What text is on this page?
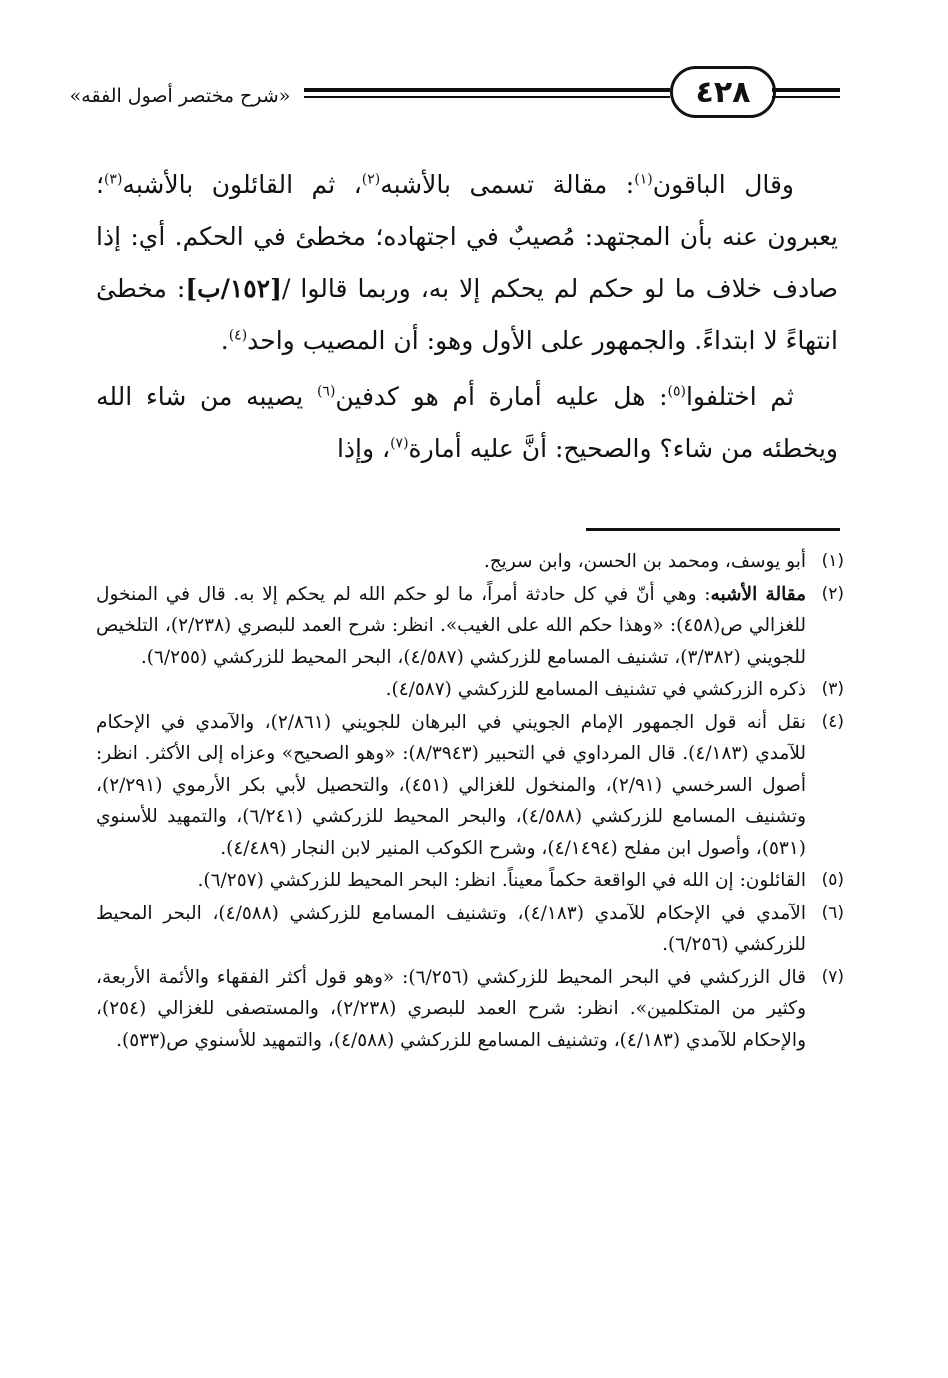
«شرح مختصر أصول الفقه»	٤٢٨

وقال الباقون$^{(١)}$: مقالة تسمى بالأشبه$^{(٢)}$، ثم القائلون بالأشبه$^{(٣)}$؛ يعبرون عنه بأن المجتهد: مُصيبٌ في اجتهاده؛ مخطئ في الحكم. أي: إذا صادف خلاف ما لو حكم لم يحكم إلا به، وربما قالوا /[١٥٢/ب]: مخطئ انتهاءً لا ابتداءً. والجمهور على الأول وهو: أن المصيب واحد$^{(٤)}$.

ثم اختلفوا$^{(٥)}$: هل عليه أمارة أم هو كدفين$^{(٦)}$ يصيبه من شاء الله ويخطئه من شاء؟ والصحيح: أنَّ عليه أمارة$^{(٧)}$، وإذا

(١)
أبو يوسف، ومحمد بن الحسن، وابن سريج.
(٢)
مقالة الأشبه: وهي أنّ في كل حادثة أمراً، ما لو حكم الله لم يحكم إلا به. قال في المنخول للغزالي ص(٤٥٨): «وهذا حكم الله على الغيب». انظر: شرح العمد للبصري (٢/٢٣٨)، التلخيص للجويني (٣/٣٨٢)، تشنيف المسامع للزركشي (٤/٥٨٧)، البحر المحيط للزركشي (٦/٢٥٥).
(٣)
ذكره الزركشي في تشنيف المسامع للزركشي (٤/٥٨٧).
(٤)
نقل أنه قول الجمهور الإمام الجويني في البرهان للجويني (٢/٨٦١)، والآمدي في الإحكام للآمدي (٤/١٨٣). قال المرداوي في التحبير (٨/٣٩٤٣): «وهو الصحيح» وعزاه إلى الأكثر. انظر: أصول السرخسي (٢/٩١)، والمنخول للغزالي (٤٥١)، والتحصيل لأبي بكر الأرموي (٢/٢٩١)، وتشنيف المسامع للزركشي (٤/٥٨٨)، والبحر المحيط للزركشي (٦/٢٤١)، والتمهيد للأسنوي (٥٣١)، وأصول ابن مفلح (٤/١٤٩٤)، وشرح الكوكب المنير لابن النجار (٤/٤٨٩).
(٥)
القائلون: إن الله في الواقعة حكماً معيناً. انظر: البحر المحيط للزركشي (٦/٢٥٧).
(٦)
الآمدي في الإحكام للآمدي (٤/١٨٣)، وتشنيف المسامع للزركشي (٤/٥٨٨)، البحر المحيط للزركشي (٦/٢٥٦).
(٧)
قال الزركشي في البحر المحيط للزركشي (٦/٢٥٦): «وهو قول أكثر الفقهاء والأئمة الأربعة، وكثير من المتكلمين». انظر: شرح العمد للبصري (٢/٢٣٨)، والمستصفى للغزالي (٢٥٤)، والإحكام للآمدي (٤/١٨٣)، وتشنيف المسامع للزركشي (٤/٥٨٨)، والتمهيد للأسنوي ص(٥٣٣).
